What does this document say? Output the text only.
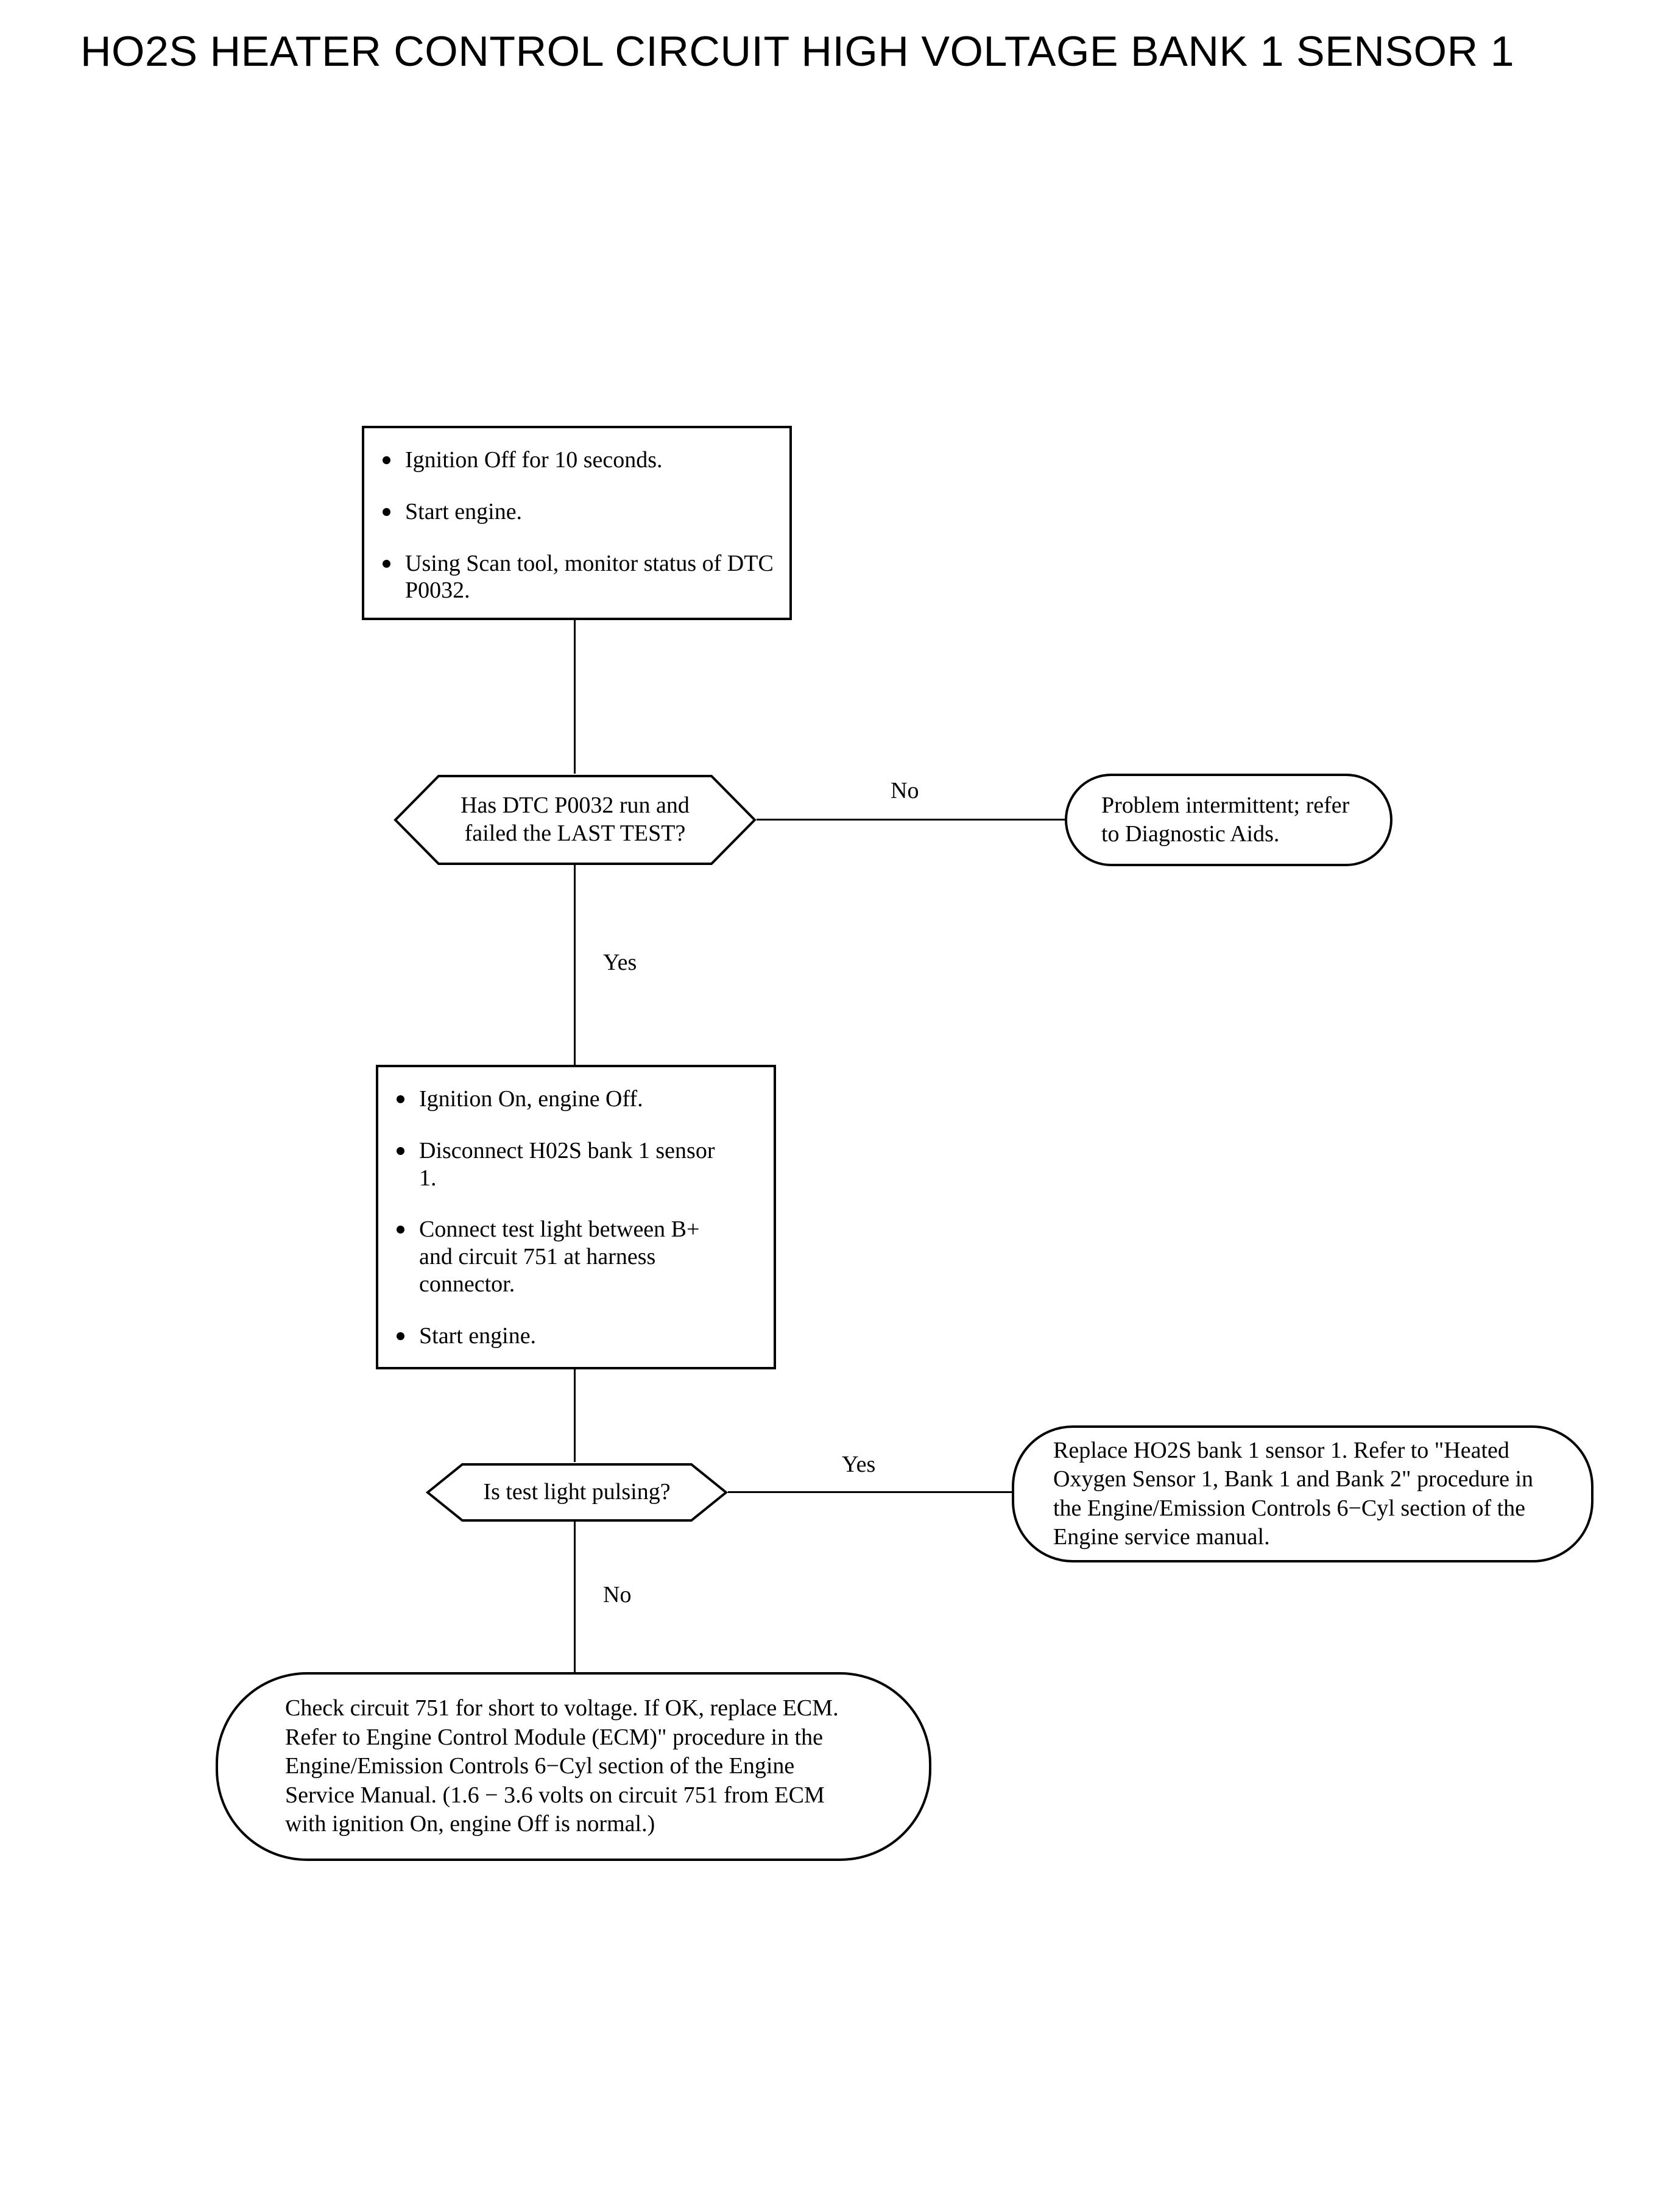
HO2S HEATER CONTROL CIRCUIT HIGH VOLTAGE BANK 1 SENSOR 1
No
Yes
Yes
No
Ignition Off for 10 seconds.
Start engine.
Using Scan tool, monitor status of DTC P0032.
Has DTC P0032 run and failed the LAST TEST?
Problem intermittent; refer to Diagnostic Aids.
Ignition On, engine Off.
Disconnect H02S bank 1 sensor 1.
Connect test light between B+ and circuit 751 at harness connector.
Start engine.
Is test light pulsing?
Replace HO2S bank 1 sensor 1. Refer to "Heated Oxygen Sensor 1, Bank 1 and Bank 2" procedure in the Engine/Emission Controls 6−Cyl section of the Engine service manual.
Check circuit 751 for short to voltage. If OK, replace ECM. Refer to Engine Control Module (ECM)" procedure in the Engine/Emission Controls 6−Cyl section of the Engine Service Manual. (1.6 − 3.6 volts on circuit 751 from ECM with ignition On, engine Off is normal.)
